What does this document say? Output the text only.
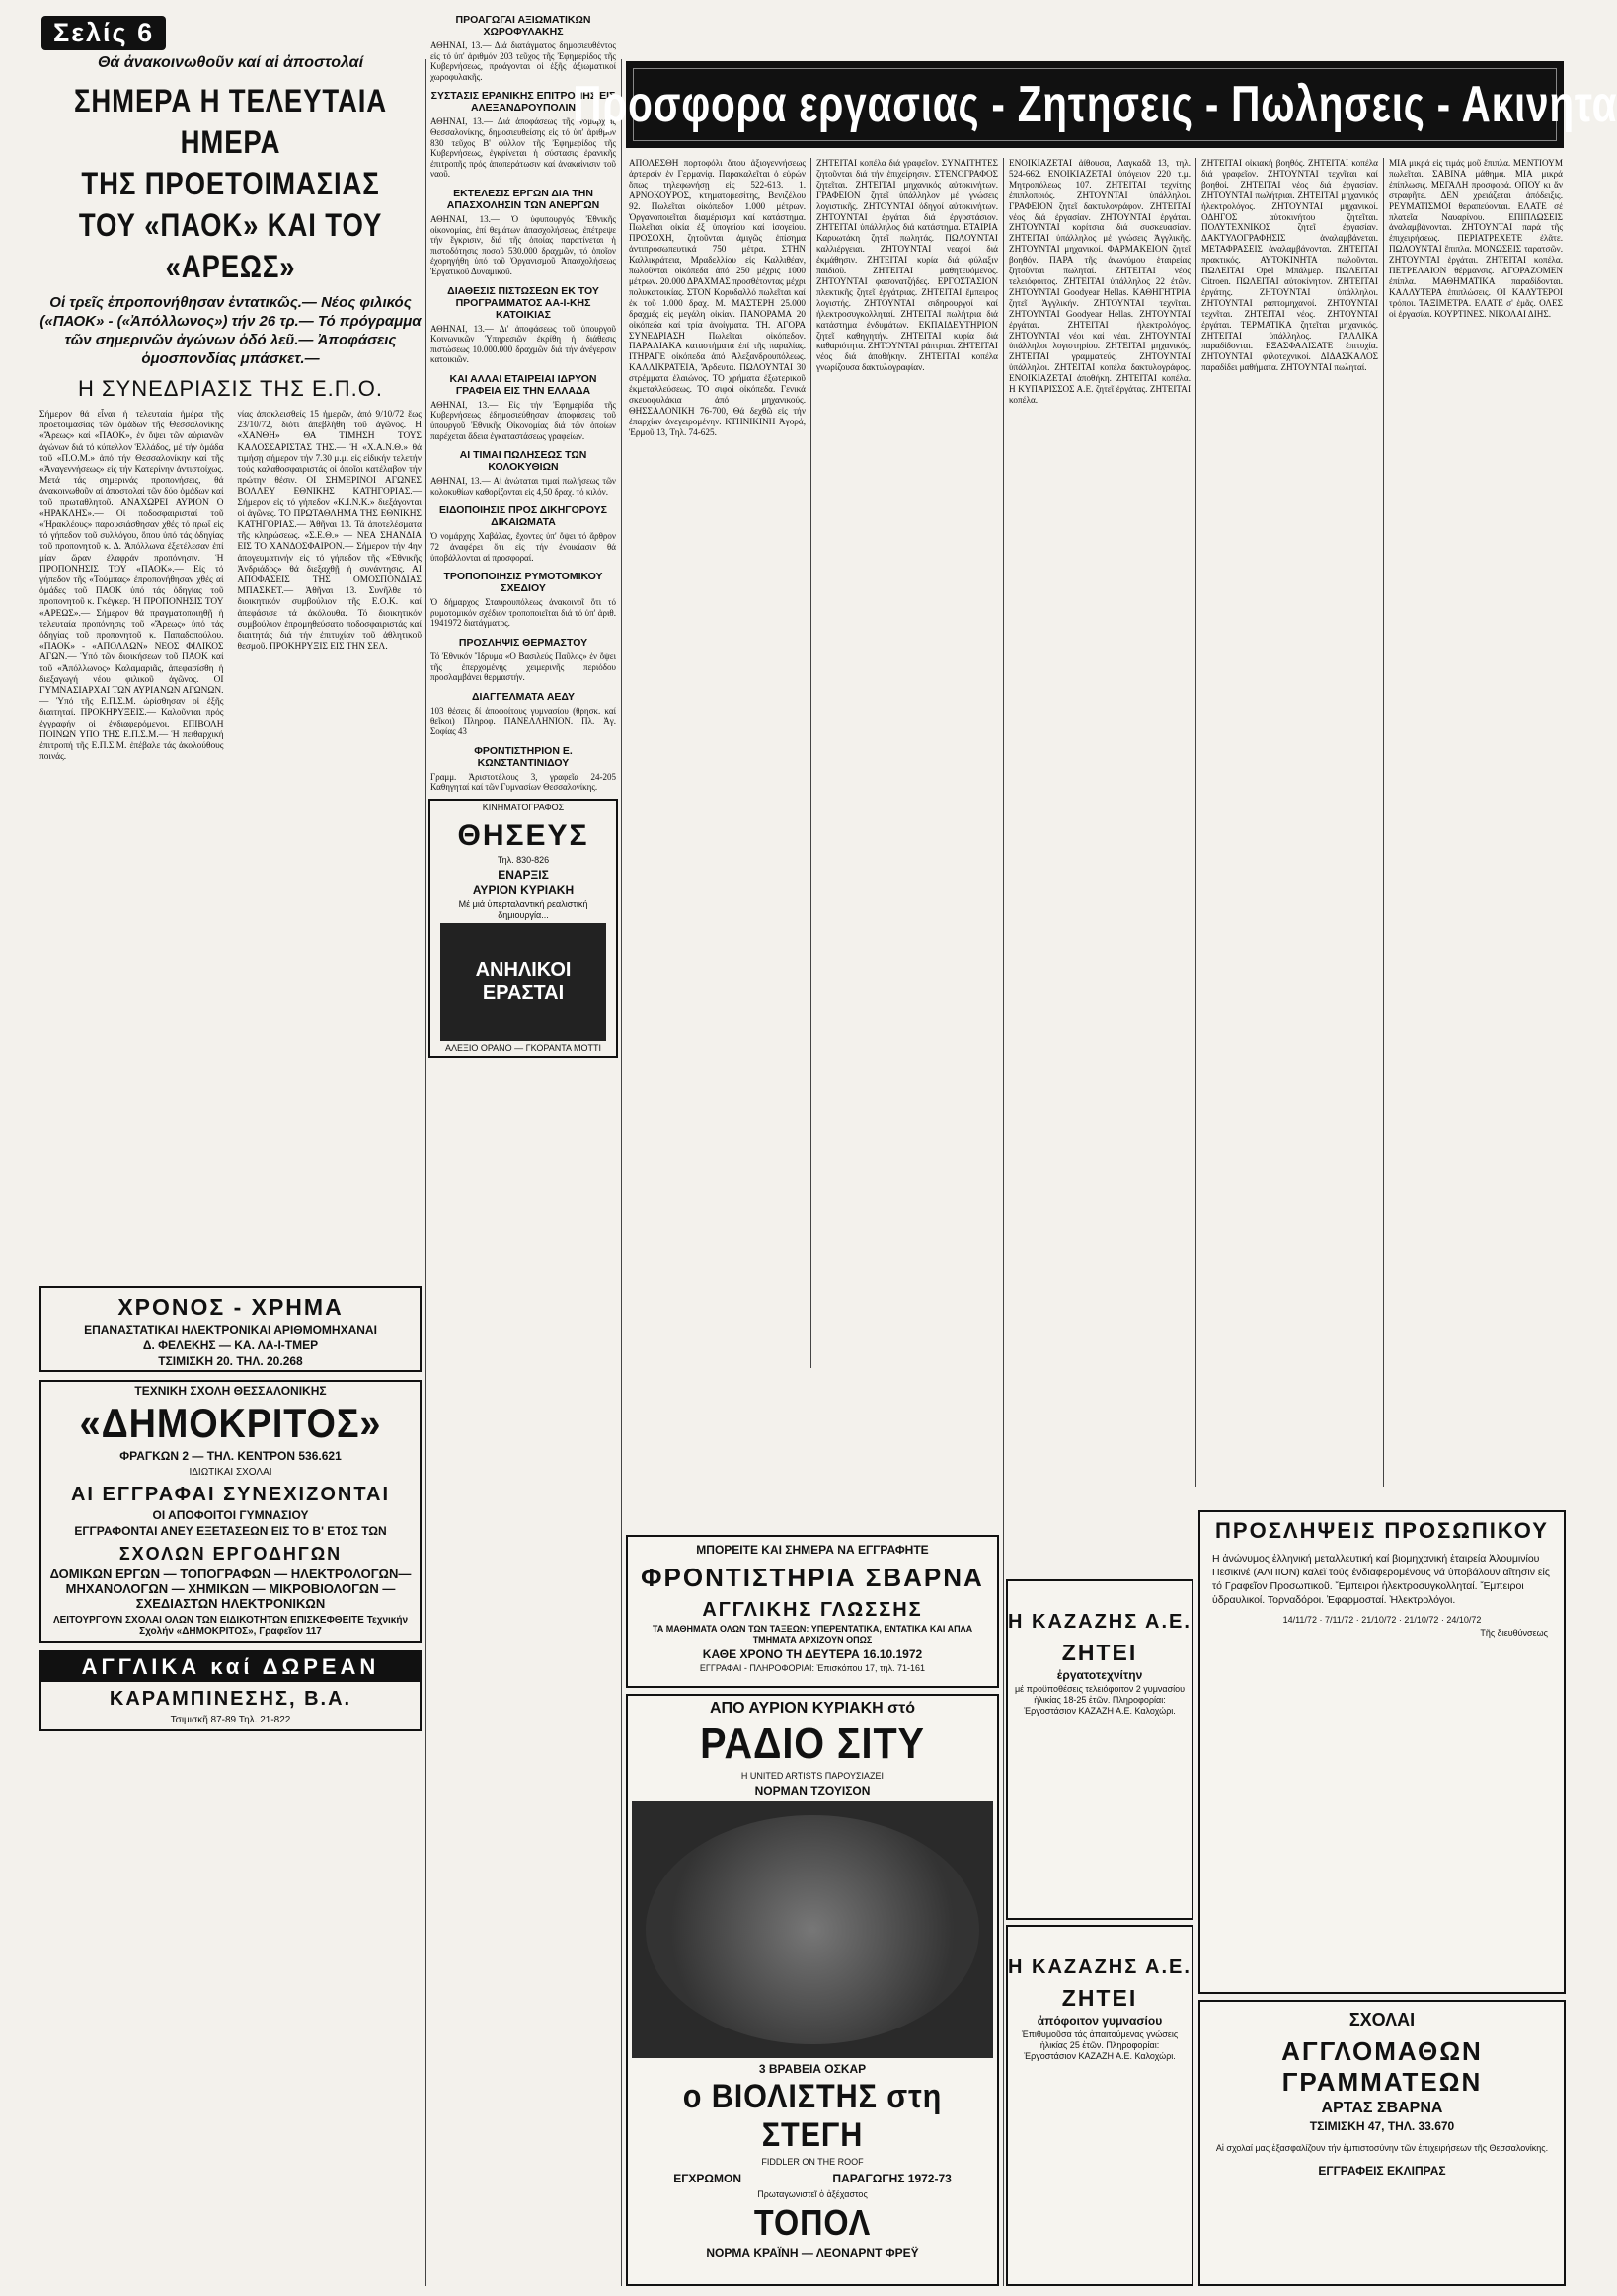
Σελίς 6
Θά ἀνακοινωθοῦν καί αἱ ἀποστολαί
ΣΗΜΕΡΑ Η ΤΕΛΕΥΤΑΙΑ ΗΜΕΡΑ
ΤΗΣ ΠΡΟΕΤΟΙΜΑΣΙΑΣ
ΤΟΥ «ΠΑΟΚ» ΚΑΙ ΤΟΥ «ΑΡΕΩΣ»
Οἱ τρεῖς ἐπροπονήθησαν ἐντατικῶς.— Νέος φιλικός («ΠΑΟΚ» - («Ἀπόλλωνος») τήν 26 τρ.— Τό πρόγραμμα τῶν σημερινῶν ἀγώνων ὁδό λεῦ.— Ἀποφάσεις ὁμοσπονδίας μπάσκετ.—
Η ΣΥΝΕΔΡΙΑΣΙΣ ΤΗΣ Ε.Π.Ο.

Σήμερον θά εἶναι ἡ τελευταία ἡμέρα τῆς προετοιμασίας τῶν ὁμάδων τῆς Θεσσαλονίκης «Ἄρεως» καί «ΠΑΟΚ», ἐν ὄψει τῶν αὐριανῶν ἀγώνων διά τό κύπελλον Ἑλλάδος, μέ τήν ὁμάδα τοῦ «Π.Ο.Μ.» ἀπό τήν Θεσσαλονίκην καί τῆς «Ἀναγεννήσεως» εἰς τήν Κατερίνην ἀντιστοίχως. Μετά τάς σημερινάς προπονήσεις, θά ἀνακοινωθοῦν αἱ ἀποστολαί τῶν δύο ὁμάδων καί τοῦ πρωταθλητοῦ. ΑΝΑΧΩΡΕΙ ΑΥΡΙΟΝ Ο «ΗΡΑΚΛΗΣ».— Οἱ ποδοσφαιρισταί τοῦ «Ἡρακλέους» παρουσιάσθησαν χθές τό πρωΐ εἰς τό γήπεδον τοῦ συλλόγου, ὅπου ὑπό τάς ὁδηγίας τοῦ προπονητοῦ κ. Δ. Ἀπόλλωνα ἐξετέλεσαν ἐπί μίαν ὥραν ἐλαφράν προπόνησιν. Ἡ ΠΡΟΠΟΝΗΣΙΣ ΤΟΥ «ΠΑΟΚ».— Εἰς τό γήπεδον τῆς «Τούμπας» ἐπροπονήθησαν χθές αἱ ὁμάδες τοῦ ΠΑΟΚ ὑπό τάς ὁδηγίας τοῦ προπονητοῦ κ. Γκέγκερ. Ἡ ΠΡΟΠΟΝΗΣΙΣ ΤΟΥ «ΑΡΕΩΣ».— Σήμερον θά πραγματοποιηθῇ ἡ τελευταία προπόνησις τοῦ «Ἄρεως» ὑπό τάς ὁδηγίας τοῦ προπονητοῦ κ. Παπαδοπούλου. «ΠΑΟΚ» - «ΑΠΟΛΛΩΝ» ΝΕΟΣ ΦΙΛΙΚΟΣ ΑΓΩΝ.— Ὑπό τῶν διοικήσεων τοῦ ΠΑΟΚ καί τοῦ «Ἀπόλλωνος» Καλαμαριᾶς, ἀπεφασίσθη ἡ διεξαγωγή νέου φιλικοῦ ἀγῶνος. ΟΙ ΓΥΜΝΑΣΙΑΡΧΑΙ ΤΩΝ ΑΥΡΙΑΝΩΝ ΑΓΩΝΩΝ.— Ὑπό τῆς Ε.Π.Σ.Μ. ὡρίσθησαν οἱ ἐξῆς διαιτηταί. ΠΡΟΚΗΡΥΞΕΙΣ.— Καλοῦνται πρός ἐγγραφήν οἱ ἐνδιαφερόμενοι. ΕΠΙΒΟΛΗ ΠΟΙΝΩΝ ΥΠΟ ΤΗΣ Ε.Π.Σ.Μ.— Ἡ πειθαρχική ἐπιτροπή τῆς Ε.Π.Σ.Μ. ἐπέβαλε τάς ἀκολούθους ποινάς.

νίας ἀποκλεισθείς 15 ἡμερῶν, ἀπό 9/10/72 ἕως 23/10/72, διότι ἀπεβλήθη τοῦ ἀγῶνος. Η «ΧΑΝΘΗ» ΘΑ ΤΙΜΗΣΗ ΤΟΥΣ ΚΑΛΟΣΣΑΡΙΣΤΑΣ ΤΗΣ.— Ἡ «Χ.Α.Ν.Θ.» θά τιμήσῃ σήμερον τήν 7.30 μ.μ. εἰς εἰδικήν τελετήν τούς καλαθοσφαιριστάς οἱ ὁποῖοι κατέλαβον τήν πρώτην θέσιν. ΟΙ ΣΗΜΕΡΙΝΟΙ ΑΓΩΝΕΣ ΒΟΛΛΕΥ ΕΘΝΙΚΗΣ ΚΑΤΗΓΟΡΙΑΣ.— Σήμερον εἰς τό γήπεδον «Κ.Ι.Ν.Κ.» διεξάγονται οἱ ἀγῶνες. ΤΟ ΠΡΩΤΑΘΛΗΜΑ ΤΗΣ ΕΘΝΙΚΗΣ ΚΑΤΗΓΟΡΙΑΣ.— Ἀθῆναι 13. Τά ἀποτελέσματα τῆς κληρώσεως. «Σ.Ε.Θ.» — ΝΕΑ ΣΗΑΝΔΙΑ ΕΙΣ ΤΟ ΧΑΝΔΟΣΦΑΙΡΟΝ.— Σήμερον τήν 4ην ἀπογευματινήν εἰς τό γήπεδον τῆς «Ἐθνικῆς Ἀνδριάδος» θά διεξαχθῇ ἡ συνάντησις. ΑΙ ΑΠΟΦΑΣΕΙΣ ΤΗΣ ΟΜΟΣΠΟΝΔΙΑΣ ΜΠΑΣΚΕΤ.— Ἀθῆναι 13. Συνῆλθε τό διοικητικόν συμβούλιον τῆς Ε.Ο.Κ. καί ἀπεφάσισε τά ἀκόλουθα. Τό διοικητικόν συμβούλιον ἐπρομηθεύσατο ποδοσφαιριστάς καί διαιτητάς διά τήν ἐπιτυχίαν τοῦ ἀθλητικοῦ θεσμοῦ. ΠΡΟΚΗΡΥΞΙΣ ΕΙΣ ΤΗΝ ΣΕΛ.

ΧΡΟΝΟΣ - ΧΡΗΜΑ
ΕΠΑΝΑΣΤΑΤΙΚΑΙ ΗΛΕΚΤΡΟΝΙΚΑΙ ΑΡΙΘΜΟΜΗΧΑΝΑΙ
Δ. ΦΕΛΕΚΗΣ — ΚΑ. ΛΑ-Ι-ΤΜΕΡ
ΤΣΙΜΙΣΚΗ 20. ΤΗΛ. 20.268
ΤΕΧΝΙΚΗ ΣΧΟΛΗ ΘΕΣΣΑΛΟΝΙΚΗΣ
«ΔΗΜΟΚΡΙΤΟΣ»
ΦΡΑΓΚΩΝ 2 — ΤΗΛ. ΚΕΝΤΡΟΝ 536.621
ΙΔΙΩΤΙΚΑΙ ΣΧΟΛΑΙ
ΑΙ ΕΓΓΡΑΦΑΙ ΣΥΝΕΧΙΖΟΝΤΑΙ
ΟΙ ΑΠΟΦΟΙΤΟΙ ΓΥΜΝΑΣΙΟΥ
ΕΓΓΡΑΦΟΝΤΑΙ ΑΝΕΥ ΕΞΕΤΑΣΕΩΝ ΕΙΣ ΤΟ Β' ΕΤΟΣ ΤΩΝ
ΣΧΟΛΩΝ ΕΡΓΟΔΗΓΩΝ
ΔΟΜΙΚΩΝ ΕΡΓΩΝ — ΤΟΠΟΓΡΑΦΩΝ — ΗΛΕΚΤΡΟΛΟΓΩΝ—ΜΗΧΑΝΟΛΟΓΩΝ — ΧΗΜΙΚΩΝ — ΜΙΚΡΟΒΙΟΛΟΓΩΝ — ΣΧΕΔΙΑΣΤΩΝ ΗΛΕΚΤΡΟΝΙΚΩΝ
ΛΕΙΤΟΥΡΓΟΥΝ ΣΧΟΛΑΙ ΟΛΩΝ ΤΩΝ ΕΙΔΙΚΟΤΗΤΩΝ ΕΠΙΣΚΕΦΘΕΙΤΕ Τεχνικήν Σχολήν «ΔΗΜΟΚΡΙΤΟΣ», Γραφεῖον 117
ΑΓΓΛΙΚΑ καί ΔΩΡΕΑΝ
ΚΑΡΑΜΠΙΝΕΣΗΣ, Β.Α.
Τσιμισκῆ 87-89 Τηλ. 21-822
ΠΡΟΑΓΩΓΑΙ ΑΞΙΩΜΑΤΙΚΩΝ ΧΩΡΟΦΥΛΑΚΗΣ

ΑΘΗΝΑΙ, 13.— Διά διατάγματος δημοσιευθέντος εἰς τό ὑπ' ἀριθμόν 203 τεῦχος τῆς Ἐφημερίδος τῆς Κυβερνήσεως, προάγονται οἱ ἑξῆς ἀξιωματικοί χωροφυλακῆς.

ΣΥΣΤΑΣΙΣ ΕΡΑΝΙΚΗΣ ΕΠΙΤΡΟΠΗΣ ΕΙΣ ΑΛΕΞΑΝΔΡΟΥΠΟΛΙΝ

ΑΘΗΝΑΙ, 13.— Διά ἀποφάσεως τῆς νομαρχίας Θεσσαλονίκης, δημοσιευθείσης εἰς τό ὑπ' ἀριθμόν 830 τεῦχος Β' φύλλον τῆς Ἐφημερίδος τῆς Κυβερνήσεως, ἐγκρίνεται ἡ σύστασις ἐρανικῆς ἐπιτροπῆς πρός ἀποπεράτωσιν καί ἀνακαίνισιν τοῦ ναοῦ.

ΕΚΤΕΛΕΣΙΣ ΕΡΓΩΝ ΔΙΑ ΤΗΝ ΑΠΑΣΧΟΛΗΣΙΝ ΤΩΝ ΑΝΕΡΓΩΝ

ΑΘΗΝΑΙ, 13.— Ὁ ὑφυπουργός Ἐθνικῆς οἰκονομίας, ἐπί θεμάτων ἀπασχολήσεως, ἐπέτρεψε τήν ἔγκρισιν, διά τῆς ὁποίας παρατίνεται ἡ πιστοδότησις ποσοῦ 530.000 δραχμῶν, τό ὁποῖον ἐχορηγήθη ὑπό τοῦ Ὀργανισμοῦ Ἀπασχολήσεως Ἐργατικοῦ Δυναμικοῦ.

ΔΙΑΘΕΣΙΣ ΠΙΣΤΩΣΕΩΝ ΕΚ ΤΟΥ ΠΡΟΓΡΑΜΜΑΤΟΣ ΑΑ-Ι-ΚΗΣ ΚΑΤΟΙΚΙΑΣ

ΑΘΗΝΑΙ, 13.— Δι' ἀποφάσεως τοῦ ὑπουργοῦ Κοινωνικῶν Ὑπηρεσιῶν ἐκρίθη ἡ διάθεσις πιστώσεως 10.000.000 δραχμῶν διά τήν ἀνέγερσιν κατοικιῶν.

ΚΑΙ ΑΛΛΑΙ ΕΤΑΙΡΕΙΑΙ ΙΔΡΥΟΝ ΓΡΑΦΕΙΑ ΕΙΣ ΤΗΝ ΕΛΛΑΔΑ

ΑΘΗΝΑΙ, 13.— Εἰς τήν Ἐφημερίδα τῆς Κυβερνήσεως ἐδημοσιεύθησαν ἀποφάσεις τοῦ ὑπουργοῦ Ἐθνικῆς Οἰκονομίας διά τῶν ὁποίων παρέχεται ἄδεια ἐγκαταστάσεως γραφείων.

ΑΙ ΤΙΜΑΙ ΠΩΛΗΣΕΩΣ ΤΩΝ ΚΟΛΟΚΥΘΙΩΝ

ΑΘΗΝΑΙ, 13.— Αἱ ἀνώταται τιμαί πωλήσεως τῶν κολοκυθίων καθορίζονται εἰς 4,50 δραχ. τό κιλόν.

ΕΙΔΟΠΟΙΗΣΙΣ ΠΡΟΣ ΔΙΚΗΓΟΡΟΥΣ ΔΙΚΑΙΩΜΑΤΑ

Ὁ νομάρχης Χαβάλας, ἔχοντες ὑπ' ὄψει τό ἄρθρον 72 ἀναφέρει ὅτι εἰς τήν ἐνοικίασιν θά ὑποβάλλονται αἱ προσφοραί.

ΤΡΟΠΟΠΟΙΗΣΙΣ ΡΥΜΟΤΟΜΙΚΟΥ ΣΧΕΔΙΟΥ

Ὁ δήμαρχος Σταυρουπόλεως ἀνακοινοῖ ὅτι τό ρυμοτομικόν σχέδιον τροποποιεῖται διά τό ὑπ' ἀριθ. 1941972 διατάγματος.

ΠΡΟΣΛΗΨΙΣ ΘΕΡΜΑΣΤΟΥ

Τό Ἐθνικόν Ἵδρυμα «Ο Βασιλεύς Παῦλος» ἐν ὄψει τῆς ἐπερχομένης χειμερινῆς περιόδου προσλαμβάνει θερμαστήν.

ΔΙΑΓΓΕΛΜΑΤΑ ΑΕΔΥ

103 θέσεις δί ἀποφοίτους γυμνασίου (θρησκ. καί θεῖκοι) Πληροφ. ΠΑΝΕΛΛΗΝΙΟΝ. Πλ. Ἁγ. Σοφίας 43

ΦΡΟΝΤΙΣΤΗΡΙΟΝ Ε. ΚΩΝΣΤΑΝΤΙΝΙΔΟΥ

Γραμμ. Ἀριστοτέλους 3, γραφεῖα 24-205 Καθηγηταί καί τῶν Γυμνασίων Θεσσαλονίκης.

ΚΙΝΗΜΑΤΟΓΡΑΦΟΣ
ΘΗΣΕΥΣ
Τηλ. 830-826
ΕΝΑΡΞΙΣ
ΑΥΡΙΟΝ ΚΥΡΙΑΚΗ
Μέ μιά ὑπερταλαντική ρεαλιστική δημιουργία...
ΑΝΗΛΙΚΟΙ ΕΡΑΣΤΑΙ
ΑΛΕΞΙΟ ΟΡΑΝΟ — ΓΚΟΡΑΝΤΑ ΜΟΤΤΙ
Προσφορα εργασιας - Ζητησεις - Πωλησεις - Ακινητα

ΑΠΟΛΕΣΘΗ πορτοφόλι ὅπου ἀξιογεννήσεως ἀρτερσίν ἐν Γερμανίᾳ. Παρακαλεῖται ὁ εὑρών ὅπως τηλεφωνήσῃ εἰς 522-613. 1. ΑΡΝΟΚΟΥΡΟΣ, κτηματομεσίτης, Βενιζέλου 92. Πωλεῖται οἰκόπεδον 1.000 μέτρων. Ὀργανοποιεῖται διαμέρισμα καί κατάστημα. Πωλεῖται οἰκία ἐξ ὑπογείου καί ἰσογείου. ΠΡΟΣΟΧΗ, ζητοῦνται ἀμιγῶς ἐπίσημα ἀντιπροσωπευτικά 750 μέτρα. ΣΤΗΝ Καλλικράτεια, Μραδελλίου εἰς Καλλιθέαν, πωλοῦνται οἰκόπεδα ἀπό 250 μέχρις 1000 μέτρων. 20.000 ΔΡΑΧΜΑΣ προσθέτοντας μέχρι πολυκατοικίας. ΣΤΟΝ Κορυδαλλό πωλεῖται καί ἐκ τοῦ 1.000 δραχ. Μ. ΜΑΣΤΕΡΗ 25.000 δραχμές εἰς μεγάλη οἰκίαν. ΠΑΝΟΡΑΜΑ 20 οἰκόπεδα καί τρία ἀνοίγματα. ΤΗ. ΑΓΟΡΑ ΣΥΝΕΔΡΙΑΣΗ Πωλεῖται οἰκόπεδον. ΠΑΡΑΛΙΑΚΑ καταστήματα ἐπί τῆς παραλίας. ΙΤΗΡΑΓΕ οἰκόπεδα ἀπό Ἀλεξανδρουπόλεως. ΚΑΛΛΙΚΡΑΤΕΙΑ, Ἄρδευτα. ΠΩΛΟΥΝΤΑΙ 30 στρέμματα ἐλαιώνος. ΤΟ χρήματα ἐξωτερικοῦ ἐκμεταλλεύσεως. ΤΟ σιφοἱ οἰκόπεδα. Γενικά σκευοφυλάκια ἀπό μηχανικούς. ΘΗΣΣΑΛΟΝΙΚΗ 76-700, Θά δεχθῶ εἰς τήν ἐπαρχίαν ἀνεγειρομένην. ΚΤΗΝΙΚΙΝΗ Ἀγορά, Ἑρμοῦ 13, Τηλ. 74-625.

ΖΗΤΕΙΤΑΙ κοπέλα διά γραφεῖον. ΣΥΝΑΙΤΗΤΕΣ ζητοῦνται διά τήν ἐπιχείρησιν. ΣΤΕΝΟΓΡΑΦΟΣ ζητεῖται. ΖΗΤΕΙΤΑΙ μηχανικός αὐτοκινήτων. ΓΡΑΦΕΙΟΝ ζητεῖ ὑπάλληλον μέ γνώσεις λογιστικῆς. ΖΗΤΟΥΝΤΑΙ ὁδηγοί αὐτοκινήτων. ΖΗΤΟΥΝΤΑΙ ἐργάται διά ἐργοστάσιον. ΖΗΤΕΙΤΑΙ ὑπάλληλος διά κατάστημα. ΕΤΑΙΡΙΑ Καρυωτάκη ζητεῖ πωλητάς. ΠΩΛΟΥΝΤΑΙ καλλιέργειαι. ΖΗΤΟΥΝΤΑΙ νεαροί διά ἐκμάθησιν. ΖΗΤΕΙΤΑΙ κυρία διά φύλαξιν παιδιοῦ. ΖΗΤΕΙΤΑΙ μαθητευόμενος. ΖΗΤΟΥΝΤΑΙ φασονατζήδες. ΕΡΓΟΣΤΑΣΙΟΝ πλεκτικῆς ζητεῖ ἐργάτριας. ΖΗΤΕΙΤΑΙ ἔμπειρος λογιστής. ΖΗΤΟΥΝΤΑΙ σιδηρουργοί καί ἠλεκτροσυγκολληταί. ΖΗΤΕΙΤΑΙ πωλήτρια διά κατάστημα ἐνδυμάτων. ΕΚΠΑΙΔΕΥΤΗΡΙΟΝ ζητεῖ καθηγητήν. ΖΗΤΕΙΤΑΙ κυρία διά καθαριότητα. ΖΗΤΟΥΝΤΑΙ ράπτριαι. ΖΗΤΕΙΤΑΙ νέος διά ἀποθήκην. ΖΗΤΕΙΤΑΙ κοπέλα γνωρίζουσα δακτυλογραφίαν.

ΕΝΟΙΚΙΑΖΕΤΑΙ ἀίθουσα, Λαγκαδᾶ 13, τηλ. 524-662. ΕΝΟΙΚΙΑΖΕΤΑΙ ὑπόγειον 220 τ.μ. Μητροπόλεως 107. ΖΗΤΕΙΤΑΙ τεχνίτης ἐπιπλοποιός. ΖΗΤΟΥΝΤΑΙ ὑπάλληλοι. ΓΡΑΦΕΙΟΝ ζητεῖ δακτυλογράφον. ΖΗΤΕΙΤΑΙ νέος διά ἐργασίαν. ΖΗΤΟΥΝΤΑΙ ἐργάται. ΖΗΤΟΥΝΤΑΙ κορίτσια διά συσκευασίαν. ΖΗΤΕΙΤΑΙ ὑπάλληλος μέ γνώσεις Ἀγγλικῆς. ΖΗΤΟΥΝΤΑΙ μηχανικοί. ΦΑΡΜΑΚΕΙΟΝ ζητεῖ βοηθόν. ΠΑΡΑ τῆς ἀνωνύμου ἑταιρείας ζητοῦνται πωληταί. ΖΗΤΕΙΤΑΙ νέος τελειόφοιτος. ΖΗΤΕΙΤΑΙ ὑπάλληλος 22 ἐτῶν. ΖΗΤΟΥΝΤΑΙ Goodyear Hellas. ΚΑΘΗΓΗΤΡΙΑ ζητεῖ Ἀγγλικήν. ΖΗΤΟΥΝΤΑΙ τεχνῖται. ΖΗΤΟΥΝΤΑΙ Goodyear Hellas. ΖΗΤΟΥΝΤΑΙ ἐργάται. ΖΗΤΕΙΤΑΙ ἡλεκτρολόγος. ΖΗΤΟΥΝΤΑΙ νέοι καί νέαι. ΖΗΤΟΥΝΤΑΙ ὑπάλληλοι λογιστηρίου. ΖΗΤΕΙΤΑΙ μηχανικός. ΖΗΤΕΙΤΑΙ γραμματεύς. ΖΗΤΟΥΝΤΑΙ ὑπάλληλοι. ΖΗΤΕΙΤΑΙ κοπέλα δακτυλογράφος. ΕΝΟΙΚΙΑΖΕΤΑΙ ἀποθήκη. ΖΗΤΕΙΤΑΙ κοπέλα. Η ΚΥΠΑΡΙΣΣΟΣ Α.Ε. ζητεῖ ἐργάτας. ΖΗΤΕΙΤΑΙ κοπέλα.

ΖΗΤΕΙΤΑΙ οἰκιακή βοηθός. ΖΗΤΕΙΤΑΙ κοπέλα διά γραφεῖον. ΖΗΤΟΥΝΤΑΙ τεχνῖται καί βοηθοί. ΖΗΤΕΙΤΑΙ νέος διά ἐργασίαν. ΖΗΤΟΥΝΤΑΙ πωλήτριαι. ΖΗΤΕΙΤΑΙ μηχανικός ἠλεκτρολόγος. ΖΗΤΟΥΝΤΑΙ μηχανικοί. ΟΔΗΓΟΣ αὐτοκινήτου ζητεῖται. ΠΟΛΥΤΕΧΝΙΚΟΣ ζητεῖ ἐργασίαν. ΔΑΚΤΥΛΟΓΡΑΦΗΣΙΣ ἀναλαμβάνεται. ΜΕΤΑΦΡΑΣΕΙΣ ἀναλαμβάνονται. ΖΗΤΕΙΤΑΙ πρακτικός. ΑΥΤΟΚΙΝΗΤΑ πωλοῦνται. ΠΩΛΕΙΤΑΙ Opel Μπάλμερ. ΠΩΛΕΙΤΑΙ Citroen. ΠΩΛΕΙΤΑΙ αὐτοκίνητον. ΖΗΤΕΙΤΑΙ ἐργάτης. ΖΗΤΟΥΝΤΑΙ ὑπάλληλοι. ΖΗΤΟΥΝΤΑΙ ραπτομηχανοί. ΖΗΤΟΥΝΤΑΙ τεχνῖται. ΖΗΤΕΙΤΑΙ νέος. ΖΗΤΟΥΝΤΑΙ ἐργάται. ΤΕΡΜΑΤΙΚΑ ζητεῖται μηχανικός. ΖΗΤΕΙΤΑΙ ὑπάλληλος. ΓΑΛΛΙΚΑ παραδίδονται. ΕΞΑΣΦΑΛΙΣΑΤΕ ἐπιτυχία. ΖΗΤΟΥΝΤΑΙ φιλοτεχνικοί. ΔΙΔΑΣΚΑΛΟΣ παραδίδει μαθήματα. ΖΗΤΟΥΝΤΑΙ πωληταί.

ΜΙΑ μικρά εἰς τιμάς μοῦ ἕπιπλα. ΜΕΝΤΙΟΥΜ πωλεῖται. ΣΑΒΙΝΑ μάθημα. ΜΙΑ μικρά ἐπίπλωσις. ΜΕΓΑΛΗ προσφορά. ΟΠΟΥ κι ἄν στραφῆτε. ΔΕΝ χρειάζεται ἀπόδειξις. ΡΕΥΜΑΤΙΣΜΟΙ θεραπεύονται. ΕΛΑΤΕ σέ πλατεῖα Ναυαρίνου. ΕΠΙΠΛΩΣΕΙΣ ἀναλαμβάνονται. ΖΗΤΟΥΝΤΑΙ παρά τῆς ἐπιχειρήσεως. ΠΕΡΙΑΤΡΕΧΕΤΕ ἐλᾶτε. ΠΩΛΟΥΝΤΑΙ ἕπιπλα. ΜΟΝΩΣΕΙΣ ταρατσῶν. ΖΗΤΟΥΝΤΑΙ ἐργάται. ΖΗΤΕΙΤΑΙ κοπέλα. ΠΕΤΡΕΛΑΙΟΝ θέρμανσις. ΑΓΟΡΑΖΟΜΕΝ ἐπίπλα. ΜΑΘΗΜΑΤΙΚΑ παραδίδονται. ΚΑΛΛΥΤΕΡΑ ἐπιπλώσεις. ΟΙ ΚΑΛΥΤΕΡΟΙ τρόποι. ΤΑΞΙΜΕΤΡΑ. ΕΛΑΤΕ σ' ἐμᾶς. ΟΛΕΣ οἱ ἐργασίαι. ΚΟΥΡΤΙΝΕΣ. ΝΙΚΟΛΑΙ ΔΙΗΣ.

ΜΠΟΡΕΙΤΕ ΚΑΙ ΣΗΜΕΡΑ ΝΑ ΕΓΓΡΑΦΗΤΕ
ΦΡΟΝΤΙΣΤΗΡΙΑ ΣΒΑΡΝΑ
ΑΓΓΛΙΚΗΣ ΓΛΩΣΣΗΣ
ΤΑ ΜΑΘΗΜΑΤΑ ΟΛΩΝ ΤΩΝ ΤΑΞΕΩΝ: ΥΠΕΡΕΝΤΑΤΙΚΑ, ΕΝΤΑΤΙΚΑ ΚΑΙ ΑΠΛΑ ΤΜΗΜΑΤΑ ΑΡΧΙΖΟΥΝ ΟΠΩΣ
ΚΑΘΕ ΧΡΟΝΟ ΤΗ ΔΕΥΤΕΡΑ 16.10.1972
ΕΓΓΡΑΦΑΙ - ΠΛΗΡΟΦΟΡΙΑΙ: Ἐπισκόπου 17, τηλ. 71-161
ΑΠΟ ΑΥΡΙΟΝ ΚΥΡΙΑΚΗ στό
ΡΑΔΙΟ ΣΙΤΥ
Η UNITED ARTISTS ΠΑΡΟΥΣΙΑΖΕΙ
ΝΟΡΜΑΝ ΤΖΟΥΙΣΟΝ
3 ΒΡΑΒΕΙΑ ΟΣΚΑΡ
ο ΒΙΟΛΙΣΤΗΣ στη ΣΤΕΓΗ
FIDDLER ON THE ROOF
ΕΓΧΡΩΜΟΝ	ΠΑΡΑΓΩΓΗΣ 1972-73
Πρωταγωνιστεῖ ὁ ἀξέχαστος
ΤΟΠΟΛ
ΝΟΡΜΑ ΚΡΑΪΝΗ — ΛΕΟΝΑΡΝΤ ΦΡΕΫ
Η ΚΑΖΑΖΗΣ Α.Ε.
ΖΗΤΕΙ
ἐργατοτεχνίτην
μέ προϋποθέσεις τελειόφοιτον 2 γυμνασίου ἡλικίας 18-25 ἐτῶν. Πληροφορίαι: Ἐργοστάσιον ΚΑΖΑΖΗ Α.Ε. Καλοχώρι.
Η ΚΑΖΑΖΗΣ Α.Ε.
ΖΗΤΕΙ
ἀπόφοιτον γυμνασίου
Ἐπιθυμοῦσα τάς ἀπαιτούμενας γνώσεις ἡλικίας 25 ἐτῶν. Πληροφορίαι: Ἐργοστάσιον ΚΑΖΑΖΗ Α.Ε. Καλοχώρι.
ΠΡΟΣΛΗΨΕΙΣ ΠΡΟΣΩΠΙΚΟΥ
Η ἀνώνυμος ἑλληνική μεταλλευτική καί βιομηχανική ἑταιρεία Ἀλουμινίου Πεσικινέ (ΑΛΠΙΟΝ) καλεῖ τούς ἐνδιαφερομένους νά ὑποβάλουν αἴτησιν εἰς τό Γραφεῖον Προσωπικοῦ. Ἔμπειροι ἡλεκτροσυγκολληταί. Ἔμπειροι ὑδραυλικοί. Τορναδόροι. Ἐφαρμοσταί. Ἠλεκτρολόγοι.
14/11/72 · 7/11/72 · 21/10/72 · 21/10/72 · 24/10/72
Τῆς διευθύνσεως
ΣΧΟΛΑΙ
ΑΓΓΛΟΜΑΘΩΝ ΓΡΑΜΜΑΤΕΩΝ
ΑΡΤΑΣ ΣΒΑΡΝΑ
ΤΣΙΜΙΣΚΗ 47, ΤΗΛ. 33.670
Αἱ σχολαί μας ἐξασφαλίζουν τήν ἐμπιστοσύνην τῶν ἐπιχειρήσεων τῆς Θεσσαλονίκης.
ΕΓΓΡΑΦΕΙΣ ΕΚΛΙΠΡΑΣ
